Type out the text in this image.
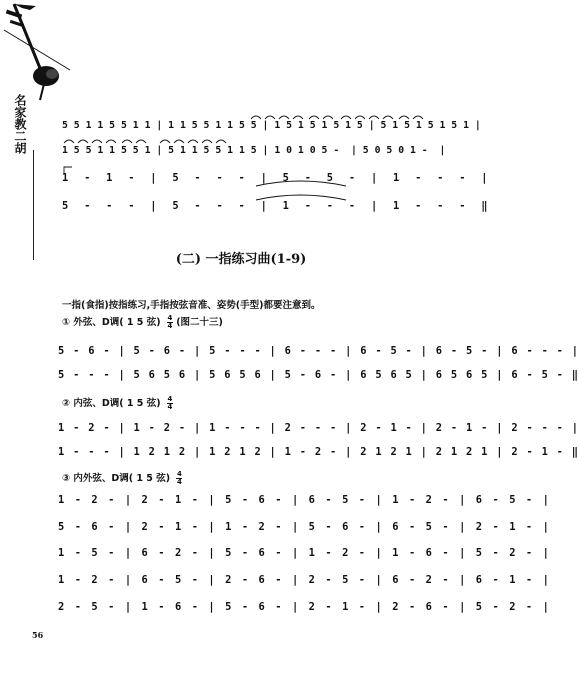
名家教二胡	5 5 1 1 5 5 1 1 | 1 1 5 5 1 1 5 5 | 1 5 1 5 1 5 1 5 | 5 1 5 1 5 1 5 1 |
1 5 5 1 1 5 5 1 | 5 1 1 5 5 1 1 5 | 1 0 1 0 5 -  | 5 0 5 0 1 -  |
1  -  1  -  |  5  -  -  -  |  5  -  5  -  |  1  -  -  -  |
5  -  -  -  |  5  -  -  -  |  1  -  -  -  |  1  -  -  -  ‖
(二) 一指练习曲(1-9)
一指(食指)按指练习,手指按弦音准、姿势(手型)都要注意到。
① 外弦、D调( 1 5 弦) $\frac{4}{4}$ (图二十三)
5 - 6 - | 5 - 6 - | 5 - - - | 6 - - - | 6 - 5 - | 6 - 5 - | 6 - - - |
5 - - - | 5 6 5 6 | 5 6 5 6 | 5 - 6 - | 6 5 6 5 | 6 5 6 5 | 6 - 5 - ‖
② 内弦、D调( 1 5 弦) $\frac{4}{4}$
1 - 2 - | 1 - 2 - | 1 - - - | 2 - - - | 2 - 1 - | 2 - 1 - | 2 - - - |
1 - - - | 1 2 1 2 | 1 2 1 2 | 1 - 2 - | 2 1 2 1 | 2 1 2 1 | 2 - 1 - ‖
③ 内外弦、D调( 1 5 弦) $\frac{4}{4}$
1 - 2 - | 2 - 1 - | 5 - 6 - | 6 - 5 - | 1 - 2 - | 6 - 5 - |
5 - 6 - | 2 - 1 - | 1 - 2 - | 5 - 6 - | 6 - 5 - | 2 - 1 - |
1 - 5 - | 6 - 2 - | 5 - 6 - | 1 - 2 - | 1 - 6 - | 5 - 2 - |
1 - 2 - | 6 - 5 - | 2 - 6 - | 2 - 5 - | 6 - 2 - | 6 - 1 - |
2 - 5 - | 1 - 6 - | 5 - 6 - | 2 - 1 - | 2 - 6 - | 5 - 2 - |
56
